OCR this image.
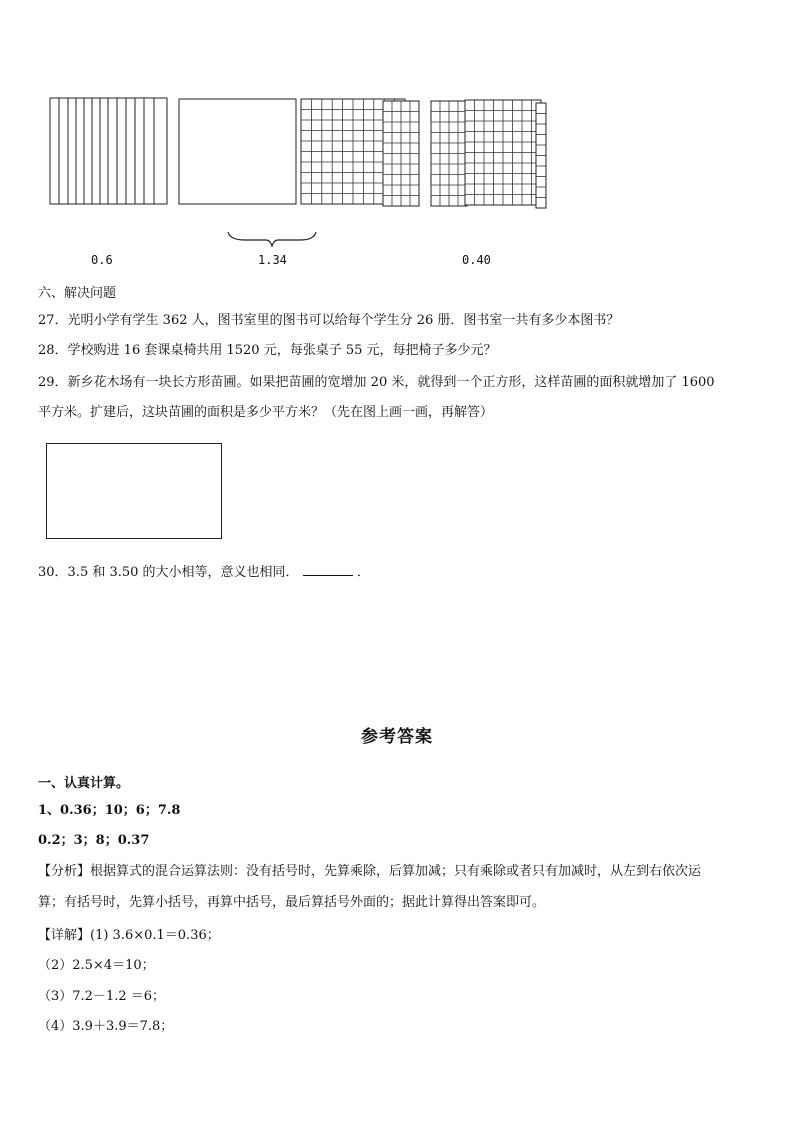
0.6	1.34	0.40
六、解决问题
27．光明小学有学生 362 人，图书室里的图书可以给每个学生分 26 册．图书室一共有多少本图书？
28．学校购进 16 套课桌椅共用 1520 元，每张桌子 55 元，每把椅子多少元？
29．新乡花木场有一块长方形苗圃。如果把苗圃的宽增加 20 米，就得到一个正方形，这样苗圃的面积就增加了 1600
平方米。扩建后，这块苗圃的面积是多少平方米？（先在图上画一画，再解答）
30．3.5 和 3.50 的大小相等，意义也相同．	．
参考答案
一、认真计算。
1、0.36；10；6；7.8
0.2；3；8；0.37
【分析】根据算式的混合运算法则：没有括号时，先算乘除，后算加减；只有乘除或者只有加减时，从左到右依次运
算；有括号时，先算小括号，再算中括号，最后算括号外面的；据此计算得出答案即可。
【详解】(1) 3.6×0.1＝0.36；
（2）2.5×4＝10；
（3）7.2－1.2 ＝6；
（4）3.9＋3.9＝7.8；
